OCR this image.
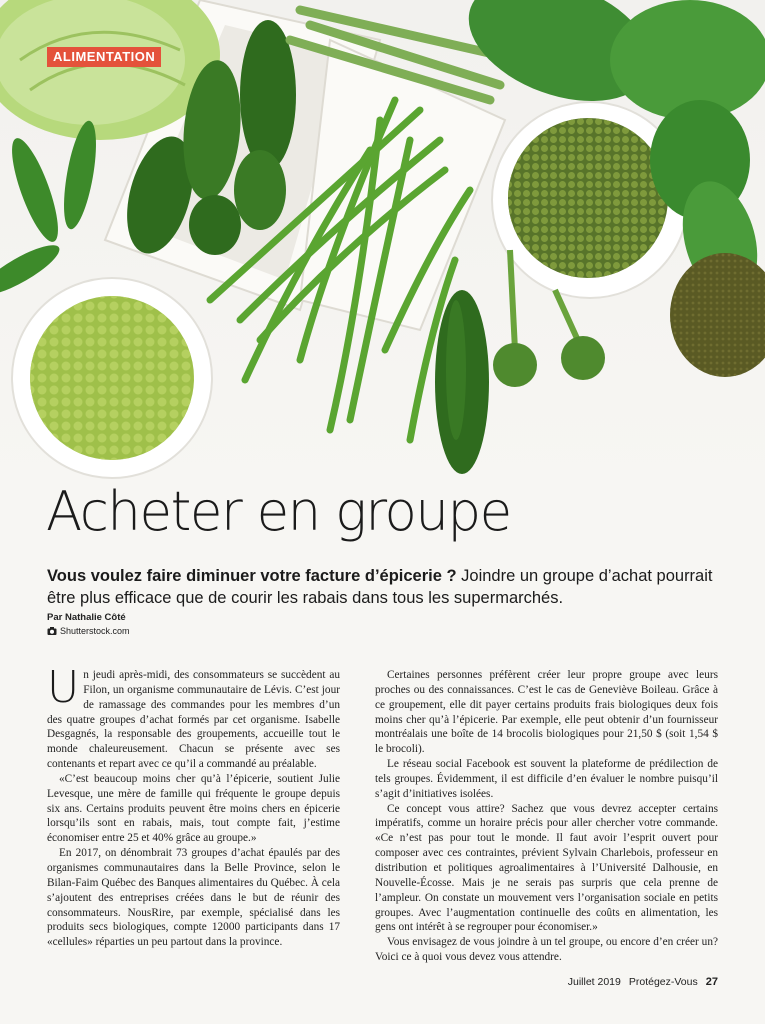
ALIMENTATION
Acheter en groupe

Vous voulez faire diminuer votre facture d’épicerie ? Joindre un groupe d’achat pourrait être plus efficace que de courir les rabais dans tous les supermarchés.

Par Nathalie Côté
Shutterstock.com

Un jeudi après-midi, des consommateurs se succèdent au Filon, un organisme communautaire de Lévis. C’est jour de ramassage des commandes pour les membres d’un des quatre groupes d’achat formés par cet organisme. Isabelle Desgagnés, la responsable des groupements, accueille tout le monde chaleureusement. Chacun se présente avec ses contenants et repart avec ce qu’il a commandé au préalable.

«C’est beaucoup moins cher qu’à l’épicerie, soutient Julie Levesque, une mère de famille qui fréquente le groupe depuis six ans. Certains produits peuvent être moins chers en épicerie lorsqu’ils sont en rabais, mais, tout compte fait, j’estime économiser entre 25 et 40% grâce au groupe.»

En 2017, on dénombrait 73 groupes d’achat épaulés par des organismes communautaires dans la Belle Province, selon le Bilan-Faim Québec des Banques alimentaires du Québec. À cela s’ajoutent des entreprises créées dans le but de réunir des consommateurs. NousRire, par exemple, spécialisé dans les produits secs biologiques, compte 12000 participants dans 17 «cellules» réparties un peu partout dans la province.

Certaines personnes préfèrent créer leur propre groupe avec leurs proches ou des connaissances. C’est le cas de Geneviève Boileau. Grâce à ce groupement, elle dit payer certains produits frais biologiques deux fois moins cher qu’à l’épicerie. Par exemple, elle peut obtenir d’un fournisseur montréalais une boîte de 14 brocolis biologiques pour 21,50 $ (soit 1,54 $ le brocoli).

Le réseau social Facebook est souvent la plateforme de prédilection de tels groupes. Évidemment, il est difficile d’en évaluer le nombre puisqu’il s’agit d’initiatives isolées.

Ce concept vous attire? Sachez que vous devrez accepter certains impératifs, comme un horaire précis pour aller chercher votre commande. «Ce n’est pas pour tout le monde. Il faut avoir l’esprit ouvert pour composer avec ces contraintes, prévient Sylvain Charlebois, professeur en distribution et politiques agroalimentaires à l’Université Dalhousie, en Nouvelle-Écosse. Mais je ne serais pas surpris que cela prenne de l’ampleur. On constate un mouvement vers l’organisation sociale en petits groupes. Avec l’augmentation continuelle des coûts en alimentation, les gens ont intérêt à se regrouper pour économiser.»

Vous envisagez de vous joindre à un tel groupe, ou encore d’en créer un? Voici ce à quoi vous devez vous attendre.

Juillet 2019 Protégez-Vous 27
